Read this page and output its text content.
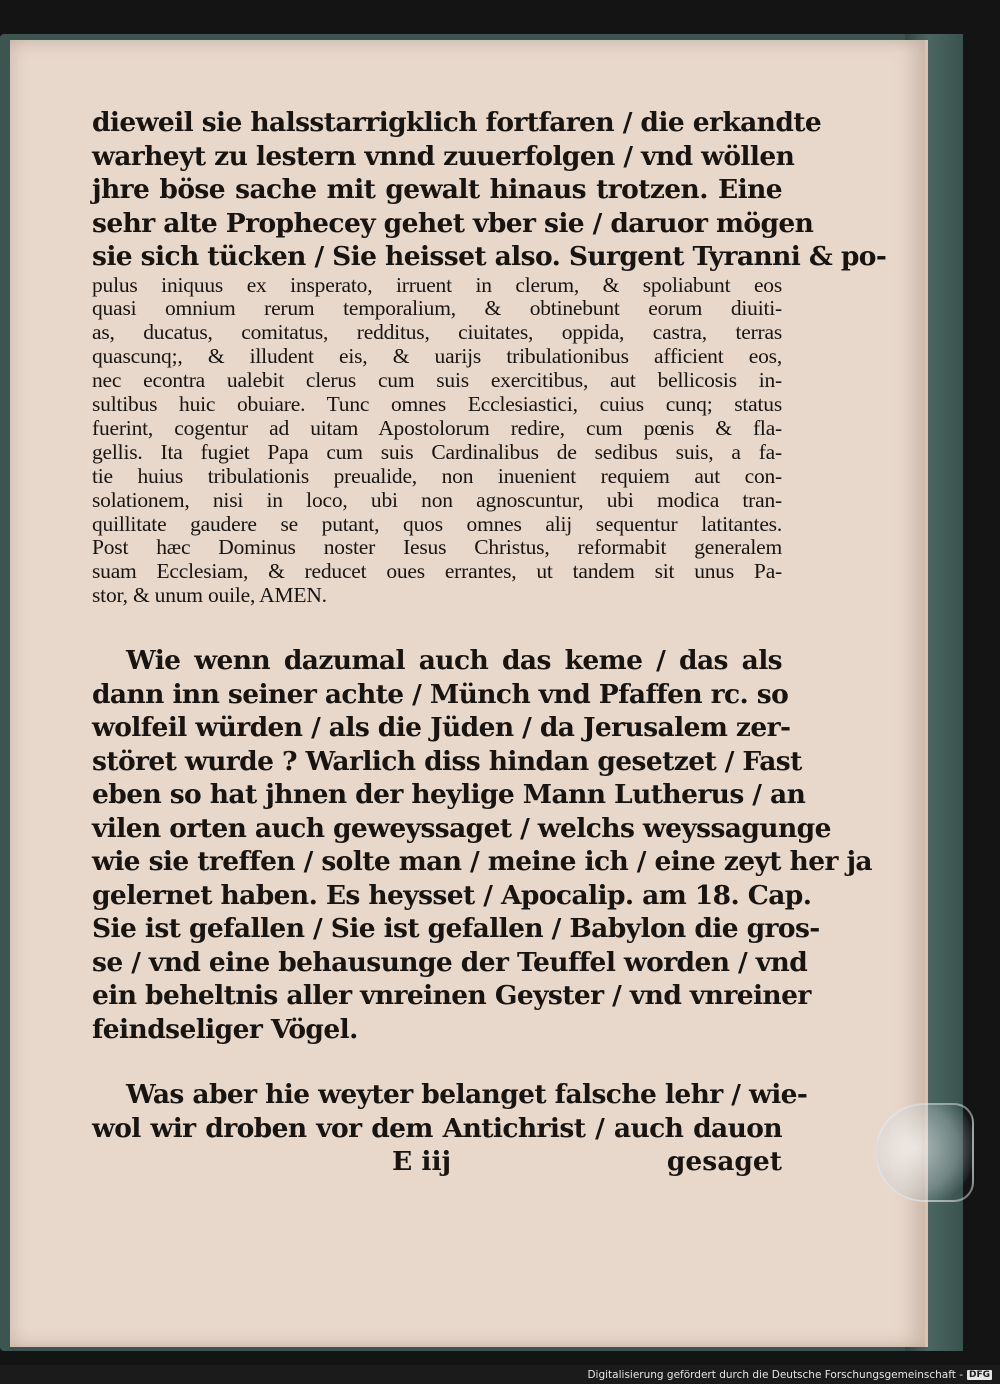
dieweil sie halsstarrigklich fortfaren / die erkandte
warheyt zu lestern vnnd zuuerfolgen / vnd wöllen
jhre böse sache mit gewalt hinaus trotzen. Eine
sehr alte Prophecey gehet vber sie / daruor mögen
sie sich tücken / Sie heisset also. Surgent Tyranni & po-
pulus iniquus ex insperato, irruent in clerum, & spoliabunt eos
quasi omnium rerum temporalium, & obtinebunt eorum diuiti-
as, ducatus, comitatus, redditus, ciuitates, oppida, castra, terras
quascunq;, & illudent eis, & uarijs tribulationibus afficient eos,
nec econtra ualebit clerus cum suis exercitibus, aut bellicosis in-
sultibus huic obuiare. Tunc omnes Ecclesiastici, cuius cunq; status
fuerint, cogentur ad uitam Apostolorum redire, cum pœnis & fla-
gellis. Ita fugiet Papa cum suis Cardinalibus de sedibus suis, a fa-
tie huius tribulationis preualide, non inuenient requiem aut con-
solationem, nisi in loco, ubi non agnoscuntur, ubi modica tran-
quillitate gaudere se putant, quos omnes alij sequentur latitantes.
Post hæc Dominus noster Iesus Christus, reformabit generalem
suam Ecclesiam, & reducet oues errantes, ut tandem sit unus Pa-
stor, & unum ouile, AMEN.
Wie wenn dazumal auch das keme / das als
dann inn seiner achte / Münch vnd Pfaffen rc. so
wolfeil würden / als die Jüden / da Jerusalem zer-
störet wurde ? Warlich diss hindan gesetzet / Fast
eben so hat jhnen der heylige Mann Lutherus / an
vilen orten auch geweyssaget / welchs weyssagunge
wie sie treffen / solte man / meine ich / eine zeyt her ja
gelernet haben. Es heysset / Apocalip. am 18. Cap.
Sie ist gefallen / Sie ist gefallen / Babylon die gros-
se / vnd eine behausunge der Teuffel worden / vnd
ein beheltnis aller vnreinen Geyster / vnd vnreiner
feindseliger Vögel.
Was aber hie weyter belanget falsche lehr / wie-
wol wir droben vor dem Antichrist / auch dauon
E iij	gesaget
Digitalisierung gefördert durch die Deutsche Forschungsgemeinschaft - DFG
